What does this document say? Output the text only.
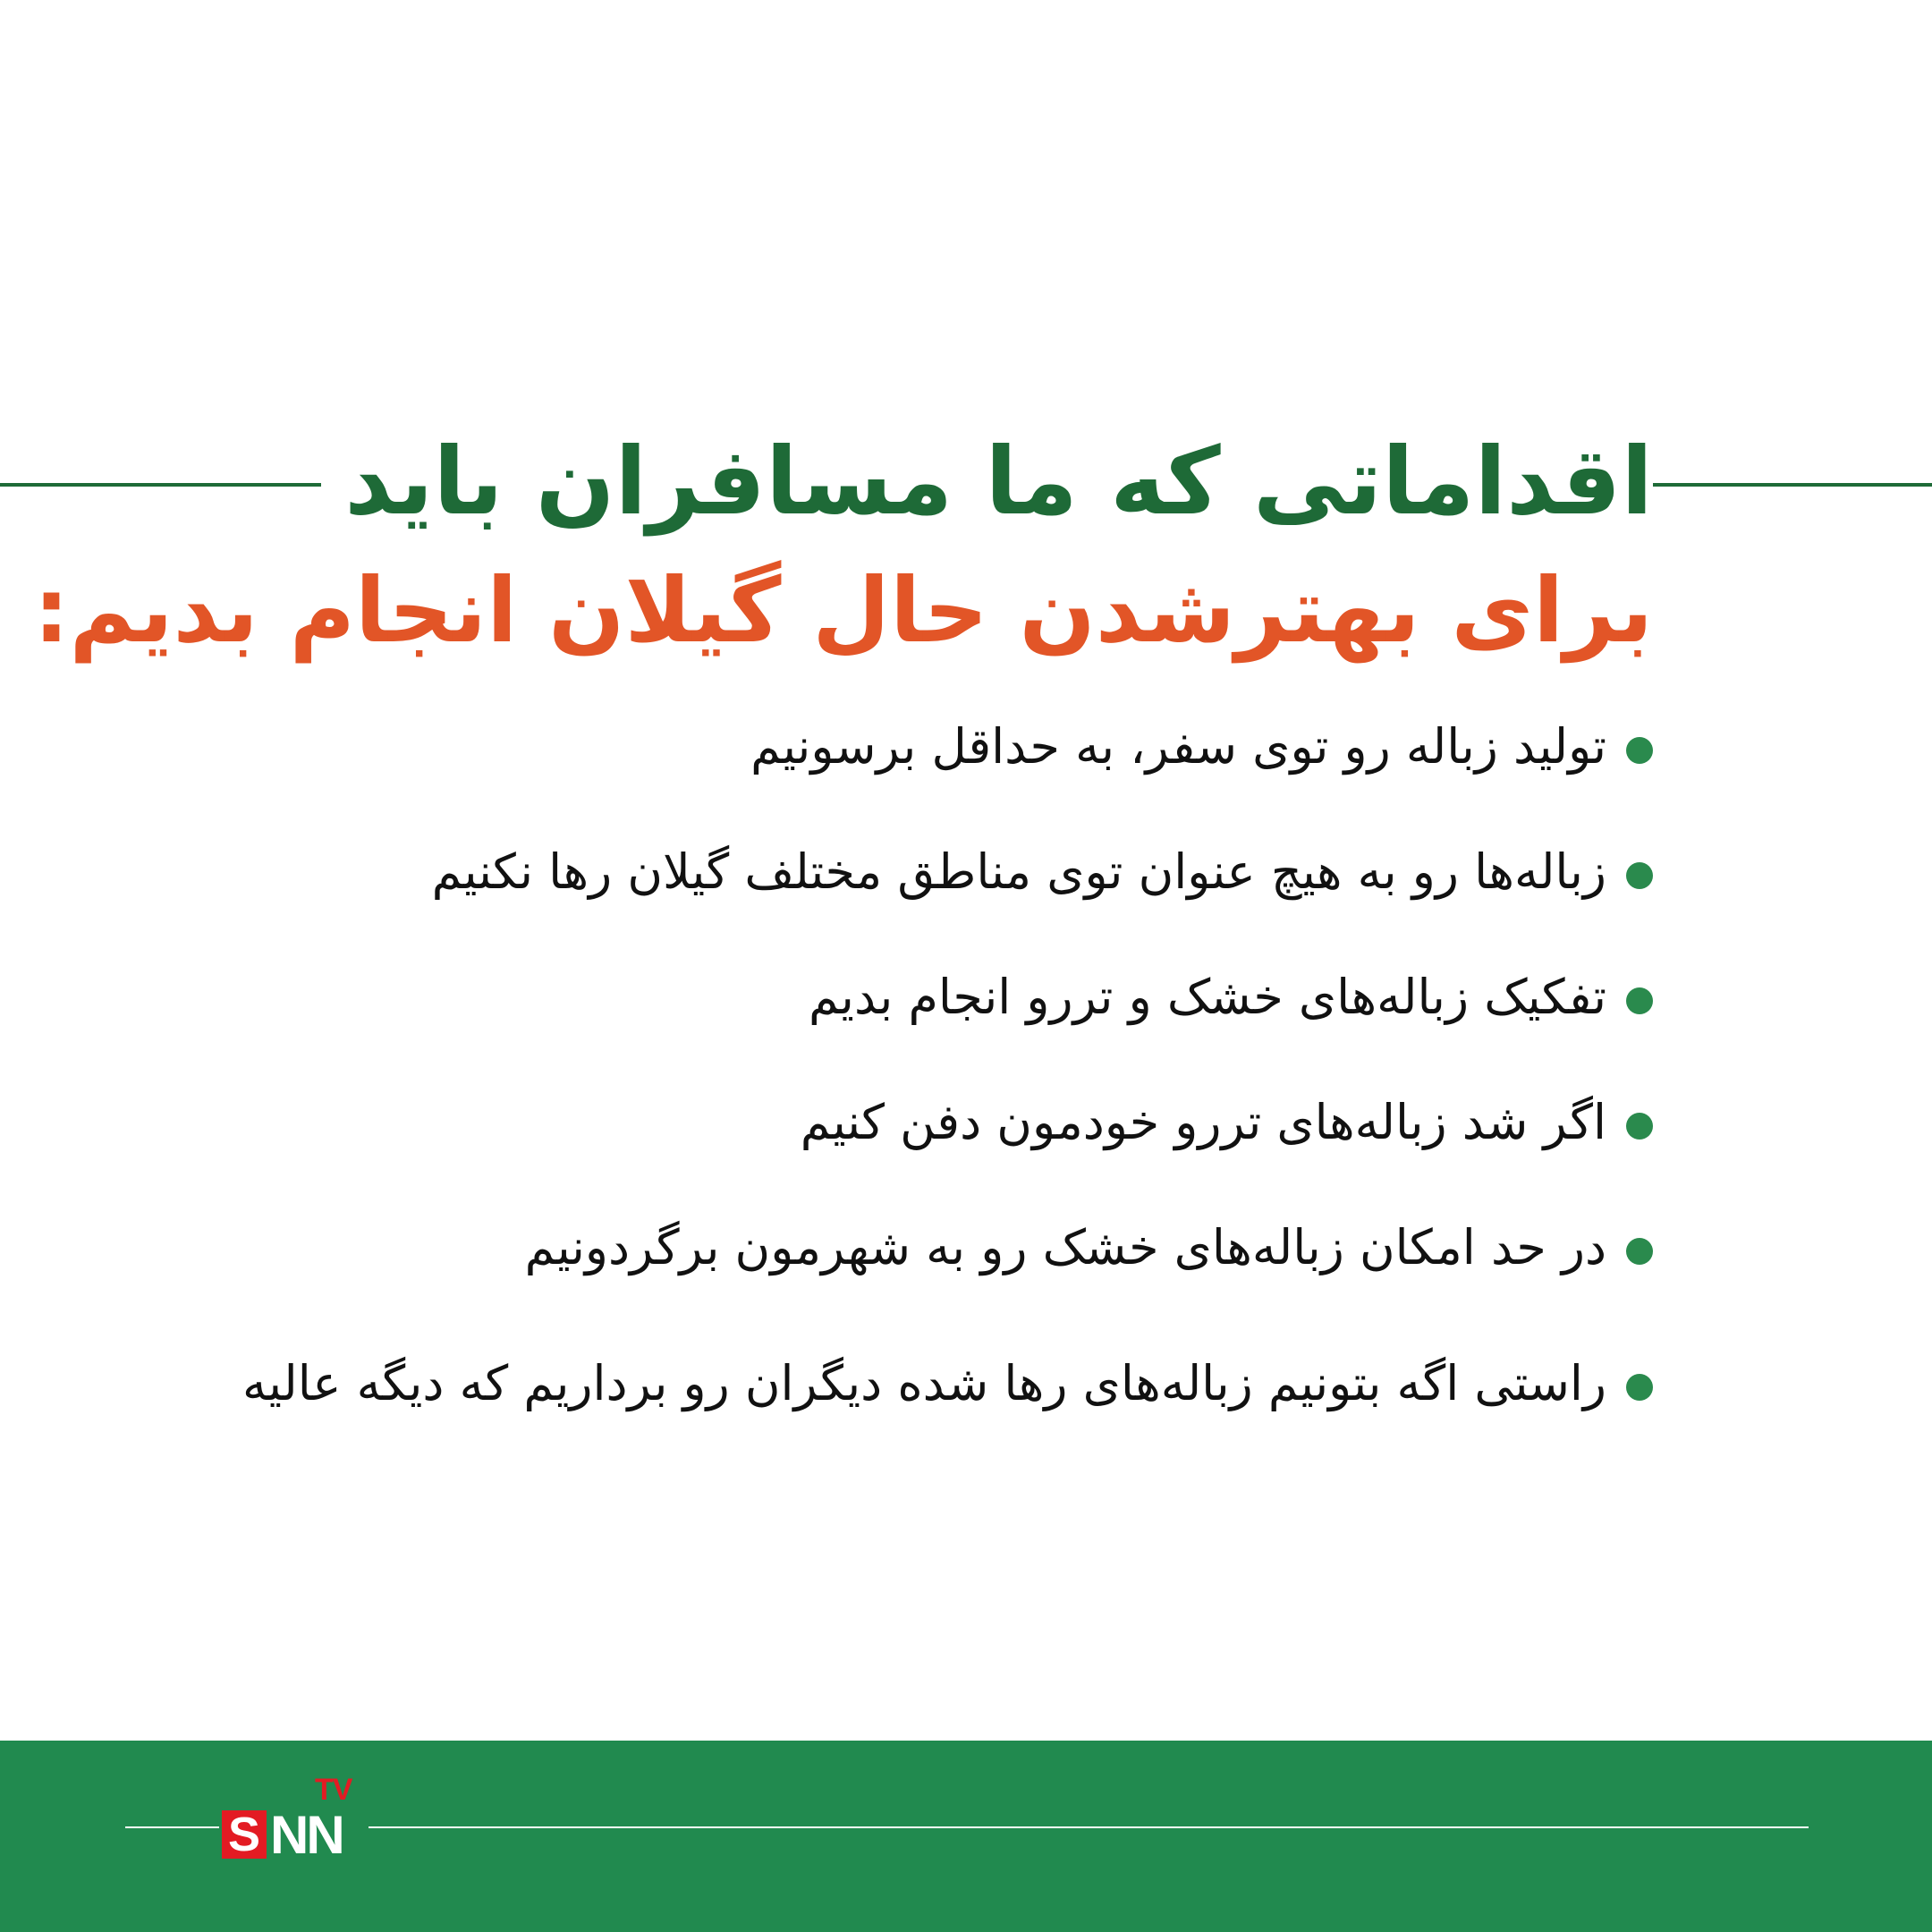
اقداماتی که ما مسافران باید
برای بهترشدن حال گیلان انجام بدیم:
تولید زباله رو توی سفر، به حداقل برسونیم
زباله‌ها رو به هیچ عنوان توی مناطق مختلف گیلان رها نکنیم
تفکیک زباله‌های خشک و تررو انجام بدیم
اگر شد زباله‌های تررو خودمون دفن کنیم
در حد امکان زباله‌های خشک رو به شهرمون برگردونیم
راستی اگه بتونیم زباله‌های رها شده دیگران رو برداریم که دیگه عالیه
TV
S NN
